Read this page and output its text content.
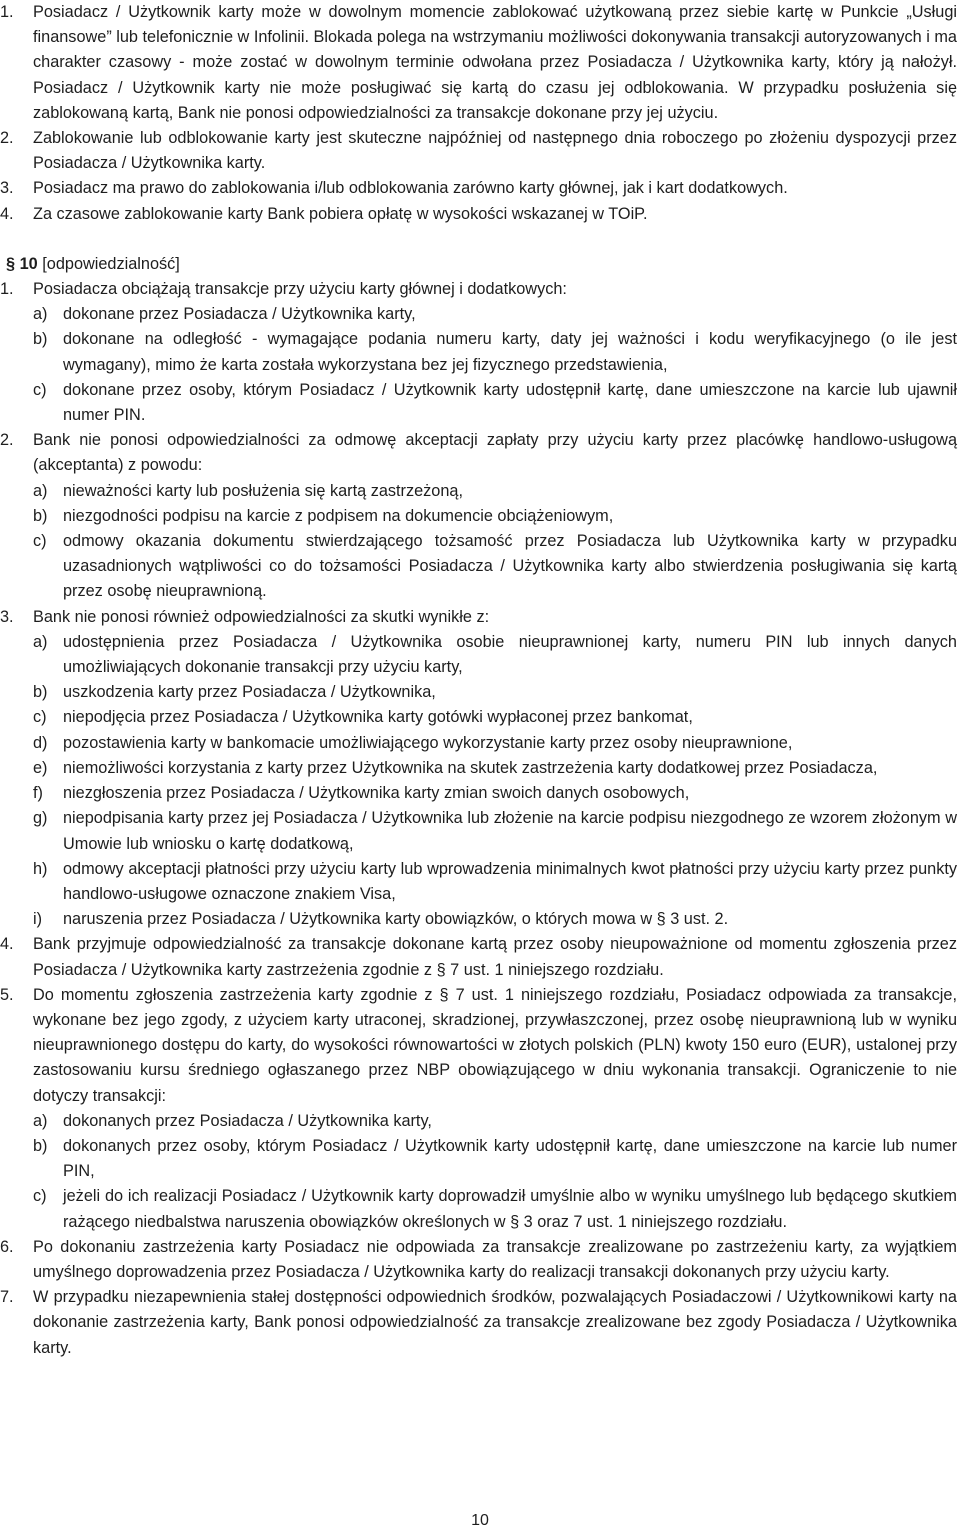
1.	Posiadacz / Użytkownik karty może w dowolnym momencie zablokować użytkowaną przez siebie kartę w Punkcie „Usługi finansowe” lub telefonicznie w Infolinii. Blokada polega na wstrzymaniu możliwości dokonywania transakcji autoryzowanych i ma charakter czasowy - może zostać w dowolnym terminie odwołana przez Posiadacza / Użytkownika karty, który ją nałożył. Posiadacz / Użytkownik karty nie może posługiwać się kartą do czasu jej odblokowania. W przypadku posłużenia się zablokowaną kartą, Bank nie ponosi odpowiedzialności za transakcje dokonane przy jej użyciu.
2.	Zablokowanie lub odblokowanie karty jest skuteczne najpóźniej od następnego dnia roboczego po złożeniu dyspozycji przez Posiadacza / Użytkownika karty.
3.	Posiadacz ma prawo do zablokowania i/lub odblokowania zarówno karty głównej, jak i kart dodatkowych.
4.	Za czasowe zablokowanie karty Bank pobiera opłatę w wysokości wskazanej w TOiP.
§ 10 [odpowiedzialność]
1.	Posiadacza obciążają transakcje przy użyciu karty głównej i dodatkowych:
a) dokonane przez Posiadacza / Użytkownika karty,
b) dokonane na odległość - wymagające podania numeru karty, daty jej ważności i kodu weryfikacyjnego (o ile jest wymagany), mimo że karta została wykorzystana bez jej fizycznego przedstawienia,
c)	dokonane przez osoby, którym Posiadacz / Użytkownik karty udostępnił kartę, dane umieszczone na karcie lub ujawnił numer PIN.
2.	Bank nie ponosi odpowiedzialności za odmowę akceptacji zapłaty przy użyciu karty przez placówkę handlowo-usługową (akceptanta) z powodu:
a) nieważności karty lub posłużenia się kartą zastrzeżoną,
b) niezgodności podpisu na karcie z podpisem na dokumencie obciążeniowym,
c)	odmowy okazania dokumentu stwierdzającego tożsamość przez Posiadacza lub Użytkownika karty w przypadku uzasadnionych wątpliwości co do tożsamości Posiadacza / Użytkownika karty albo stwierdzenia posługiwania się kartą przez osobę nieuprawnioną.
3.	Bank nie ponosi również odpowiedzialności za skutki wynikłe z:
a) udostępnienia przez Posiadacza / Użytkownika osobie nieuprawnionej karty, numeru PIN lub innych danych umożliwiających dokonanie transakcji przy użyciu karty,
b) uszkodzenia karty przez Posiadacza / Użytkownika,
c)	niepodjęcia przez Posiadacza / Użytkownika karty gotówki wypłaconej przez bankomat,
d) pozostawienia karty w bankomacie umożliwiającego wykorzystanie karty przez osoby nieuprawnione,
e) niemożliwości korzystania z karty przez Użytkownika na skutek zastrzeżenia karty dodatkowej przez Posiadacza,
f)	niezgłoszenia przez Posiadacza / Użytkownika karty zmian swoich danych osobowych,
g) niepodpisania karty przez jej Posiadacza / Użytkownika lub złożenie na karcie podpisu niezgodnego ze wzorem złożonym w Umowie lub wniosku o kartę dodatkową,
h) odmowy akceptacji płatności przy użyciu karty lub wprowadzenia minimalnych kwot płatności przy użyciu karty przez punkty handlowo-usługowe oznaczone znakiem Visa,
i)	naruszenia przez Posiadacza / Użytkownika karty obowiązków, o których mowa w § 3 ust. 2.
4.	Bank przyjmuje odpowiedzialność za transakcje dokonane kartą przez osoby nieupoważnione od momentu zgłoszenia przez Posiadacza / Użytkownika karty zastrzeżenia zgodnie z § 7 ust. 1 niniejszego rozdziału.
5.	Do momentu zgłoszenia zastrzeżenia karty zgodnie z § 7 ust. 1 niniejszego rozdziału, Posiadacz odpowiada za transakcje, wykonane bez jego zgody, z użyciem karty utraconej, skradzionej, przywłaszczonej, przez osobę nieuprawnioną lub w wyniku nieuprawnionego dostępu do karty, do wysokości równowartości w złotych polskich (PLN) kwoty 150 euro (EUR), ustalonej przy zastosowaniu kursu średniego ogłaszanego przez NBP obowiązującego w dniu wykonania transakcji. Ograniczenie to nie dotyczy transakcji:
a) dokonanych przez Posiadacza / Użytkownika karty,
b) dokonanych przez osoby, którym Posiadacz / Użytkownik karty udostępnił kartę, dane umieszczone na karcie lub numer PIN,
c)	jeżeli do ich realizacji Posiadacz / Użytkownik karty doprowadził umyślnie albo w wyniku umyślnego lub będącego skutkiem rażącego niedbalstwa naruszenia obowiązków określonych w § 3 oraz 7 ust. 1 niniejszego rozdziału.
6.	Po dokonaniu zastrzeżenia karty Posiadacz nie odpowiada za transakcje zrealizowane po zastrzeżeniu karty, za wyjątkiem umyślnego doprowadzenia przez Posiadacza / Użytkownika karty do realizacji transakcji dokonanych przy użyciu karty.
7.	W przypadku niezapewnienia stałej dostępności odpowiednich środków, pozwalających Posiadaczowi / Użytkownikowi karty na dokonanie zastrzeżenia karty, Bank ponosi odpowiedzialność za transakcje zrealizowane bez zgody Posiadacza / Użytkownika karty.
10
